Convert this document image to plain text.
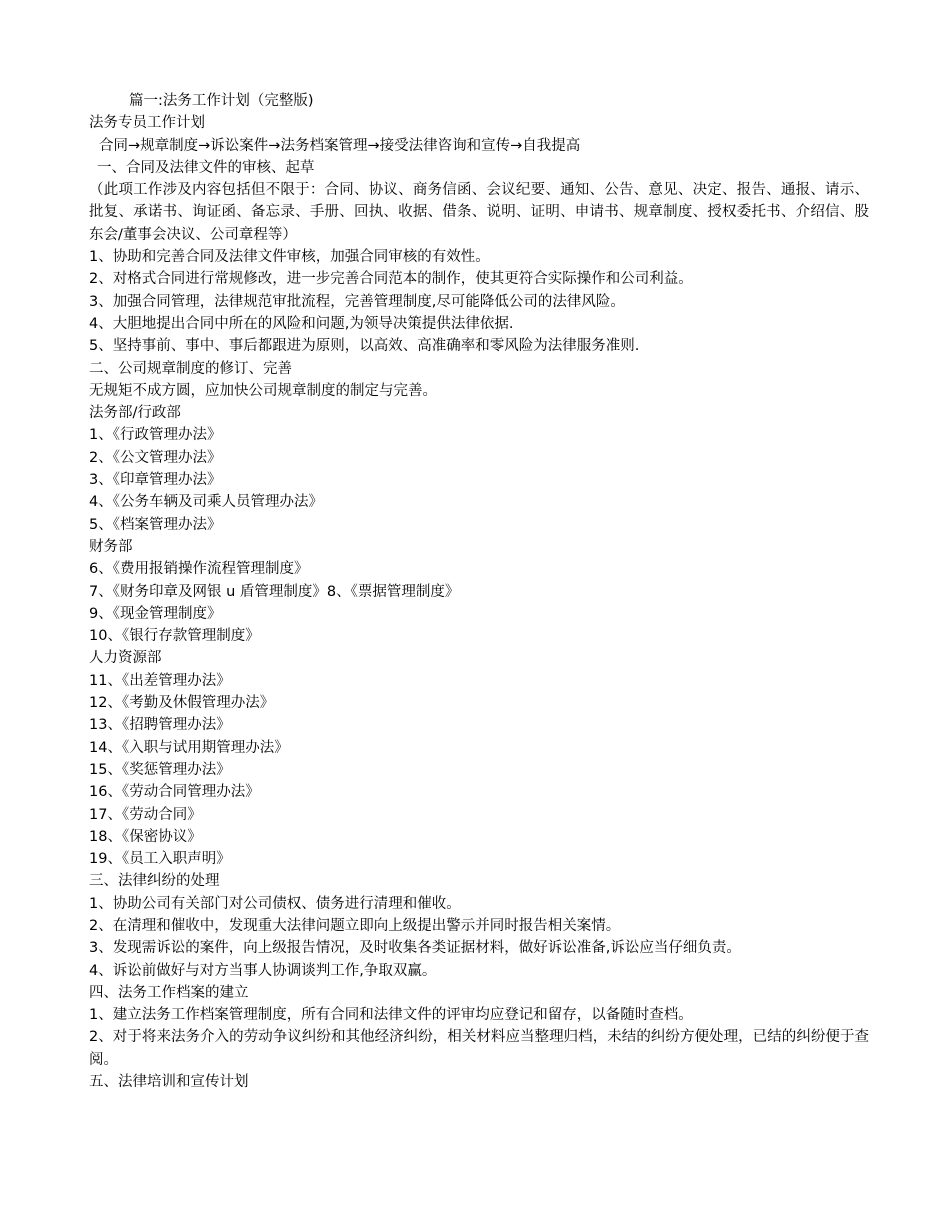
篇一:法务工作计划（完整版)
法务专员工作计划
合同→规章制度→诉讼案件→法务档案管理→接受法律咨询和宣传→自我提高
一、合同及法律文件的审核、起草
（此项工作涉及内容包括但不限于：合同、协议、商务信函、会议纪要、通知、公告、意见、决定、报告、通报、请示、批复、承诺书、询证函、备忘录、手册、回执、收据、借条、说明、证明、申请书、规章制度、授权委托书、介绍信、股东会/董事会决议、公司章程等）
1、协助和完善合同及法律文件审核，加强合同审核的有效性。
2、对格式合同进行常规修改，进一步完善合同范本的制作，使其更符合实际操作和公司利益。
3、加强合同管理，法律规范审批流程，完善管理制度,尽可能降低公司的法律风险。
4、大胆地提出合同中所在的风险和问题,为领导决策提供法律依据.
5、坚持事前、事中、事后都跟进为原则，以高效、高准确率和零风险为法律服务准则.
二、公司规章制度的修订、完善
无规矩不成方圆，应加快公司规章制度的制定与完善。
法务部/行政部
1、《行政管理办法》
2、《公文管理办法》
3、《印章管理办法》
4、《公务车辆及司乘人员管理办法》
5、《档案管理办法》
财务部
6、《费用报销操作流程管理制度》
7、《财务印章及网银 u 盾管理制度》8、《票据管理制度》
9、《现金管理制度》
10、《银行存款管理制度》
人力资源部
11、《出差管理办法》
12、《考勤及休假管理办法》
13、《招聘管理办法》
14、《入职与试用期管理办法》
15、《奖惩管理办法》
16、《劳动合同管理办法》
17、《劳动合同》
18、《保密协议》
19、《员工入职声明》
三、法律纠纷的处理
1、协助公司有关部门对公司债权、债务进行清理和催收。
2、在清理和催收中，发现重大法律问题立即向上级提出警示并同时报告相关案情。
3、发现需诉讼的案件，向上级报告情况，及时收集各类证据材料，做好诉讼准备,诉讼应当仔细负责。
4、诉讼前做好与对方当事人协调谈判工作,争取双赢。
四、法务工作档案的建立
1、建立法务工作档案管理制度，所有合同和法律文件的评审均应登记和留存，以备随时查档。
2、对于将来法务介入的劳动争议纠纷和其他经济纠纷，相关材料应当整理归档，未结的纠纷方便处理，已结的纠纷便于查阅。
五、法律培训和宣传计划
